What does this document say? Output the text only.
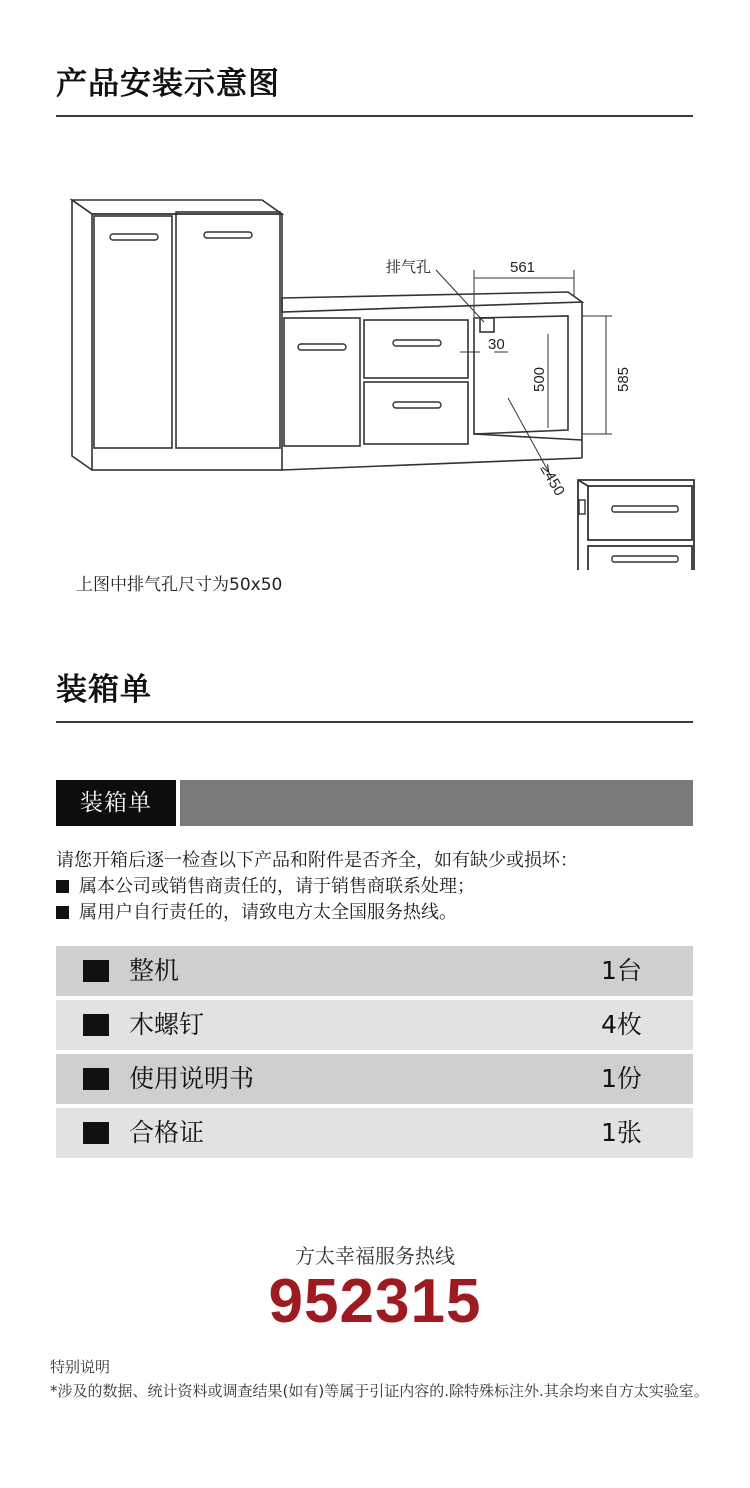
产品安装示意图
排气孔	561
30
500	585
≥450
上图中排气孔尺寸为50x50
装箱单
装箱单
请您开箱后逐一检查以下产品和附件是否齐全，如有缺少或损坏：
属本公司或销售商责任的，请于销售商联系处理；
属用户自行责任的，请致电方太全国服务热线。
整机	1台
木螺钉	4枚
使用说明书	1份
合格证	1张
方太幸福服务热线
952315
特别说明
*涉及的数据、统计资料或调查结果(如有)等属于引证内容的.除特殊标注外.其余均来自方太实验室。
